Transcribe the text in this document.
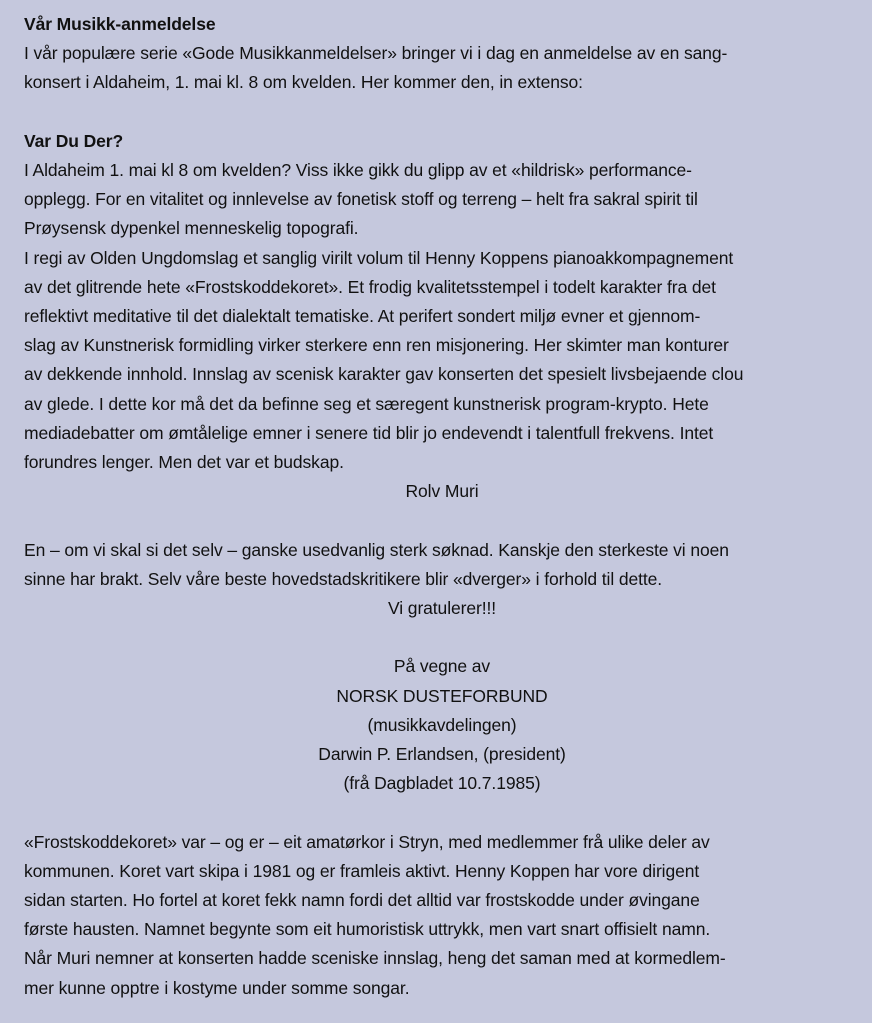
Vår Musikk-anmeldelse
I vår populære serie «Gode Musikkanmeldelser» bringer vi i dag en anmeldelse av en sang-
konsert i Aldaheim, 1. mai kl. 8 om kvelden. Her kommer den, in extenso:
Var Du Der?
I Aldaheim 1. mai kl 8 om kvelden? Viss ikke gikk du glipp av et «hildrisk» performance-
opplegg. For en vitalitet og innlevelse av fonetisk stoff og terreng – helt fra sakral spirit til
Prøysensk dypenkel menneskelig topografi.
I regi av Olden Ungdomslag et sanglig virilt volum til Henny Koppens pianoakkompagnement
av det glitrende hete «Frostskoddekoret». Et frodig kvalitetsstempel i todelt karakter fra det
reflektivt meditative til det dialektalt tematiske. At perifert sondert miljø evner et gjennom-
slag av Kunstnerisk formidling virker sterkere enn ren misjonering. Her skimter man konturer
av dekkende innhold. Innslag av scenisk karakter gav konserten det spesielt livsbejaende clou
av glede. I dette kor må det da befinne seg et særegent kunstnerisk program-krypto. Hete
mediadebatter om ømtålelige emner i senere tid blir jo endevendt i talentfull frekvens. Intet
forundres lenger. Men det var et budskap.
Rolv Muri
En – om vi skal si det selv – ganske usedvanlig sterk søknad. Kanskje den sterkeste vi noen
sinne har brakt. Selv våre beste hovedstadskritikere blir «dverger» i forhold til dette.
Vi gratulerer!!!
På vegne av
NORSK DUSTEFORBUND
(musikkavdelingen)
Darwin P. Erlandsen, (president)
(frå Dagbladet 10.7.1985)
«Frostskoddekoret» var – og er – eit amatørkor i Stryn, med medlemmer frå ulike deler av
kommunen. Koret vart skipa i 1981 og er framleis aktivt. Henny Koppen har vore dirigent
sidan starten. Ho fortel at koret fekk namn fordi det alltid var frostskodde under øvingane
første hausten. Namnet begynte som eit humoristisk uttrykk, men vart snart offisielt namn.
Når Muri nemner at konserten hadde sceniske innslag, heng det saman med at kormedlem-
mer kunne opptre i kostyme under somme songar.
